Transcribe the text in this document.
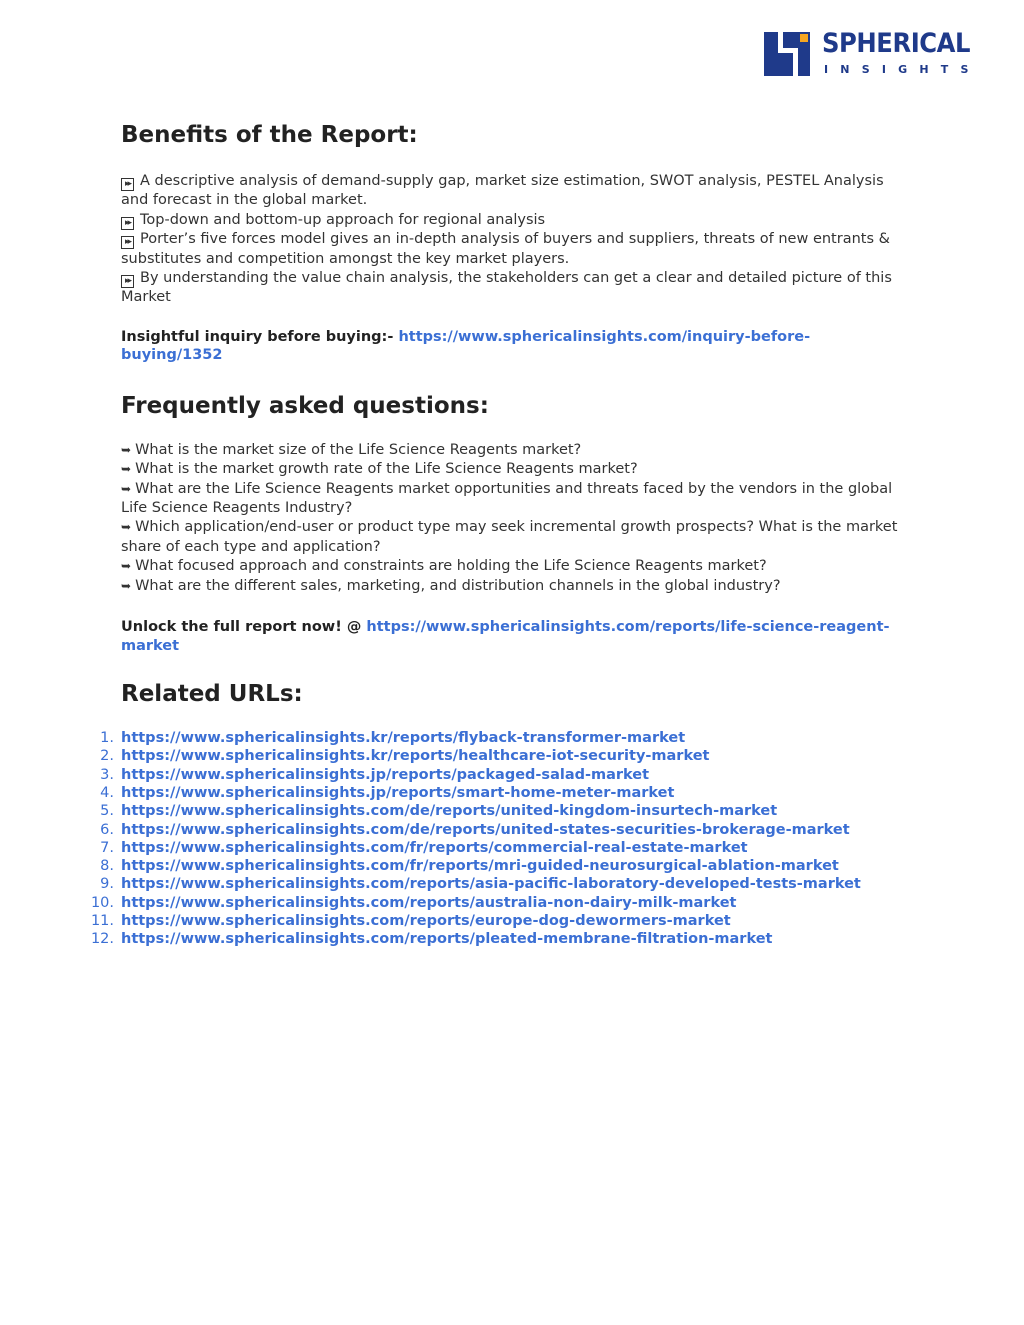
SPHERICAL
INSIGHTS
Benefits of the Report:

▸▸ A descriptive analysis of demand-supply gap, market size estimation, SWOT analysis, PESTEL Analysis and forecast in the global market.

▸▸ Top-down and bottom-up approach for regional analysis

▸▸ Porter’s five forces model gives an in-depth analysis of buyers and suppliers, threats of new entrants & substitutes and competition amongst the key market players.

▸▸ By understanding the value chain analysis, the stakeholders can get a clear and detailed picture of this Market

Insightful inquiry before buying:- https://www.sphericalinsights.com/inquiry-before-buying/1352
Frequently asked questions:

➥ What is the market size of the Life Science Reagents market?

➥ What is the market growth rate of the Life Science Reagents market?

➥ What are the Life Science Reagents market opportunities and threats faced by the vendors in the global Life Science Reagents Industry?

➥ Which application/end-user or product type may seek incremental growth prospects? What is the market share of each type and application?

➥ What focused approach and constraints are holding the Life Science Reagents market?

➥ What are the different sales, marketing, and distribution channels in the global industry?

Unlock the full report now! @ https://www.sphericalinsights.com/reports/life-science-reagent-market
Related URLs:
1. https://www.sphericalinsights.kr/reports/flyback-transformer-market
2. https://www.sphericalinsights.kr/reports/healthcare-iot-security-market
3. https://www.sphericalinsights.jp/reports/packaged-salad-market
4. https://www.sphericalinsights.jp/reports/smart-home-meter-market
5. https://www.sphericalinsights.com/de/reports/united-kingdom-insurtech-market
6. https://www.sphericalinsights.com/de/reports/united-states-securities-brokerage-market
7. https://www.sphericalinsights.com/fr/reports/commercial-real-estate-market
8. https://www.sphericalinsights.com/fr/reports/mri-guided-neurosurgical-ablation-market
9. https://www.sphericalinsights.com/reports/asia-pacific-laboratory-developed-tests-market
10. https://www.sphericalinsights.com/reports/australia-non-dairy-milk-market
11. https://www.sphericalinsights.com/reports/europe-dog-dewormers-market
12. https://www.sphericalinsights.com/reports/pleated-membrane-filtration-market
